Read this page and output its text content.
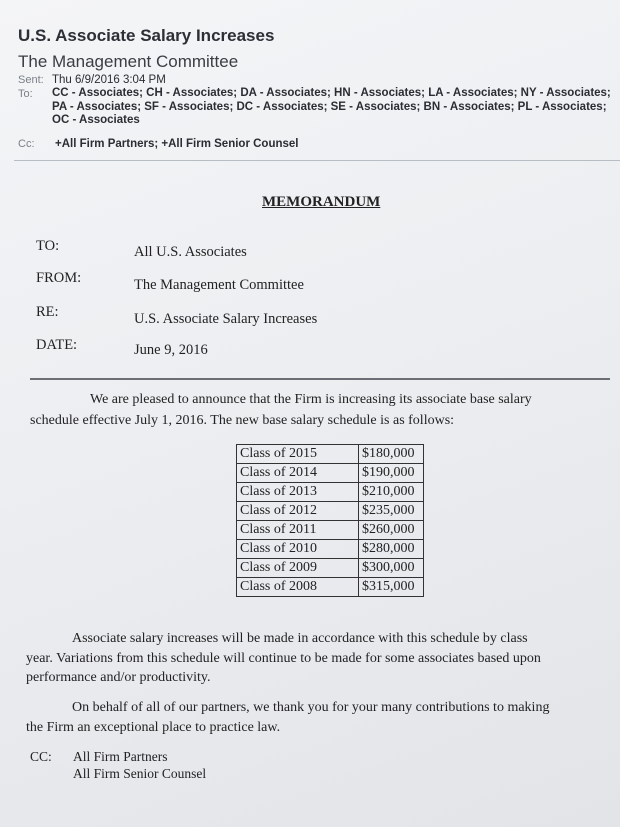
U.S. Associate Salary Increases
The Management Committee
Sent: Thu 6/9/2016 3:04 PM
To: CC - Associates; CH - Associates; DA - Associates; HN - Associates; LA - Associates; NY - Associates; PA - Associates; SF - Associates; DC - Associates; SE - Associates; BN - Associates; PL - Associates; OC - Associates
Cc: +All Firm Partners; +All Firm Senior Counsel
MEMORANDUM
TO:	All U.S. Associates
FROM:	The Management Committee
RE:	U.S. Associate Salary Increases
DATE:	June 9, 2016
We are pleased to announce that the Firm is increasing its associate base salary
schedule effective July 1, 2016. The new base salary schedule is as follows:
Class of 2015	$180,000
Class of 2014	$190,000
Class of 2013	$210,000
Class of 2012	$235,000
Class of 2011	$260,000
Class of 2010	$280,000
Class of 2009	$300,000
Class of 2008	$315,000
Associate salary increases will be made in accordance with this schedule by class
year. Variations from this schedule will continue to be made for some associates based upon
performance and/or productivity.
On behalf of all of our partners, we thank you for your many contributions to making
the Firm an exceptional place to practice law.
CC: All Firm Partners
All Firm Senior Counsel
